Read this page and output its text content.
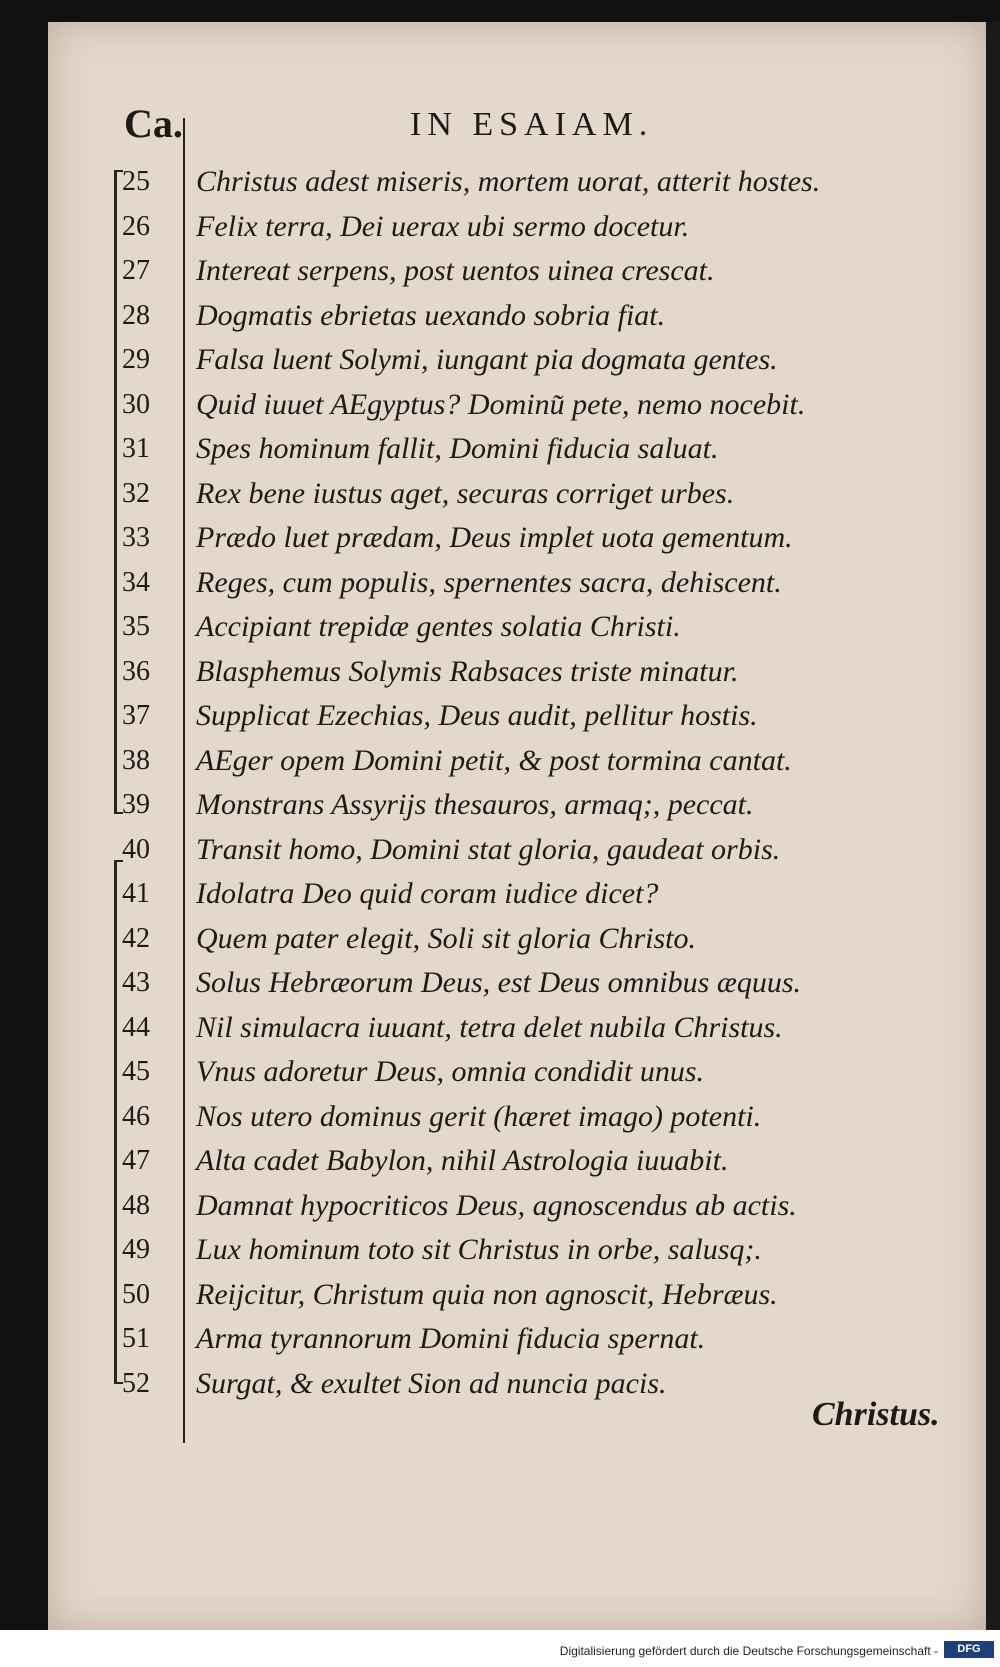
Ca.	IN ESAIAM.
25	Christus adest miseris, mortem uorat, atterit hostes.
26	Felix terra, Dei uerax ubi sermo docetur.
27	Intereat serpens, post uentos uinea crescat.
28	Dogmatis ebrietas uexando sobria fiat.
29	Falsa luent Solymi, iungant pia dogmata gentes.
30	Quid iuuet AEgyptus? Dominu͂ pete, nemo nocebit.
31	Spes hominum fallit, Domini fiducia saluat.
32	Rex bene iustus aget, securas corriget urbes.
33	Prædo luet prædam, Deus implet uota gementum.
34	Reges, cum populis, spernentes sacra, dehiscent.
35	Accipiant trepidæ gentes solatia Christi.
36	Blasphemus Solymis Rabsaces triste minatur.
37	Supplicat Ezechias, Deus audit, pellitur hostis.
38	AEger opem Domini petit, & post tormina cantat.
39	Monstrans Assyrijs thesauros, armaq;, peccat.
40	Transit homo, Domini stat gloria, gaudeat orbis.
41	Idolatra Deo quid coram iudice dicet?
42	Quem pater elegit, Soli sit gloria Christo.
43	Solus Hebræorum Deus, est Deus omnibus æquus.
44	Nil simulacra iuuant, tetra delet nubila Christus.
45	Vnus adoretur Deus, omnia condidit unus.
46	Nos utero dominus gerit (hæret imago) potenti.
47	Alta cadet Babylon, nihil Astrologia iuuabit.
48	Damnat hypocriticos Deus, agnoscendus ab actis.
49	Lux hominum toto sit Christus in orbe, salusq;.
50	Reijcitur, Christum quia non agnoscit, Hebræus.
51	Arma tyrannorum Domini fiducia spernat.
52	Surgat, & exultet Sion ad nuncia pacis.
Christus.
Digitalisierung gefördert durch die Deutsche Forschungsgemeinschaft -	DFG
